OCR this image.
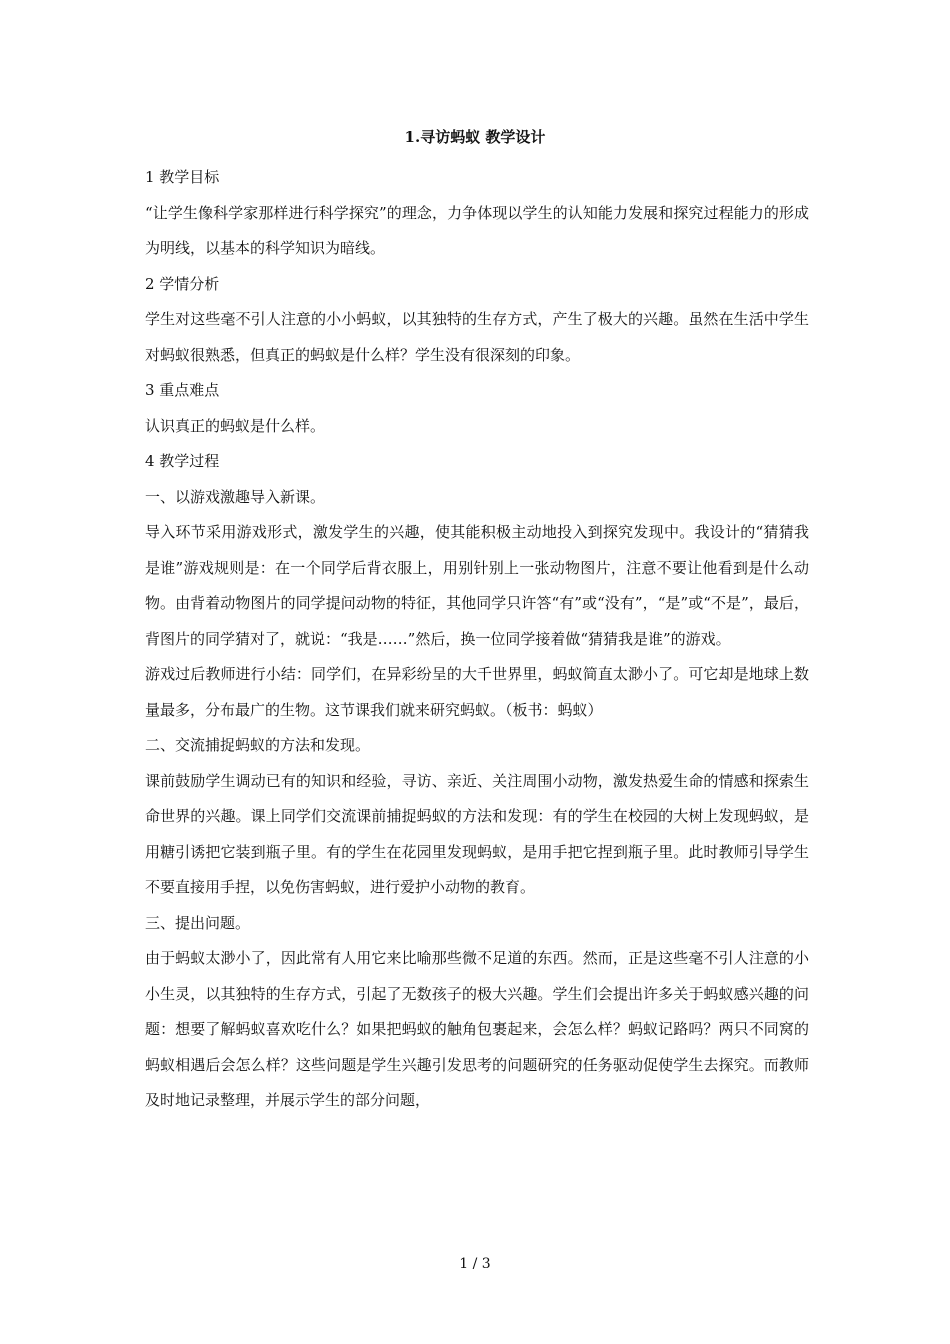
1.寻访蚂蚁 教学设计

1 教学目标

“让学生像科学家那样进行科学探究”的理念，力争体现以学生的认知能力发展和探究过程能力的形成为明线，以基本的科学知识为暗线。

2 学情分析

学生对这些毫不引人注意的小小蚂蚁，以其独特的生存方式，产生了极大的兴趣。虽然在生活中学生对蚂蚁很熟悉，但真正的蚂蚁是什么样？学生没有很深刻的印象。

3 重点难点

认识真正的蚂蚁是什么样。

4 教学过程

一、以游戏激趣导入新课。

导入环节采用游戏形式，激发学生的兴趣，使其能积极主动地投入到探究发现中。我设计的“猜猜我是谁”游戏规则是：在一个同学后背衣服上，用别针别上一张动物图片，注意不要让他看到是什么动物。由背着动物图片的同学提问动物的特征，其他同学只许答“有”或“没有”，“是”或“不是”，最后，背图片的同学猜对了，就说：“我是……”然后，换一位同学接着做“猜猜我是谁”的游戏。

游戏过后教师进行小结：同学们，在异彩纷呈的大千世界里，蚂蚁简直太渺小了。可它却是地球上数量最多，分布最广的生物。这节课我们就来研究蚂蚁。（板书：蚂蚁）

二、交流捕捉蚂蚁的方法和发现。

课前鼓励学生调动已有的知识和经验，寻访、亲近、关注周围小动物，激发热爱生命的情感和探索生命世界的兴趣。课上同学们交流课前捕捉蚂蚁的方法和发现：有的学生在校园的大树上发现蚂蚁，是用糖引诱把它装到瓶子里。有的学生在花园里发现蚂蚁，是用手把它捏到瓶子里。此时教师引导学生不要直接用手捏，以免伤害蚂蚁，进行爱护小动物的教育。

三、提出问题。

由于蚂蚁太渺小了，因此常有人用它来比喻那些微不足道的东西。然而，正是这些毫不引人注意的小小生灵，以其独特的生存方式，引起了无数孩子的极大兴趣。学生们会提出许多关于蚂蚁感兴趣的问题：想要了解蚂蚁喜欢吃什么？如果把蚂蚁的触角包裹起来，会怎么样？蚂蚁记路吗？两只不同窝的蚂蚁相遇后会怎么样？这些问题是学生兴趣引发思考的问题研究的任务驱动促使学生去探究。而教师及时地记录整理，并展示学生的部分问题，

1 / 3
